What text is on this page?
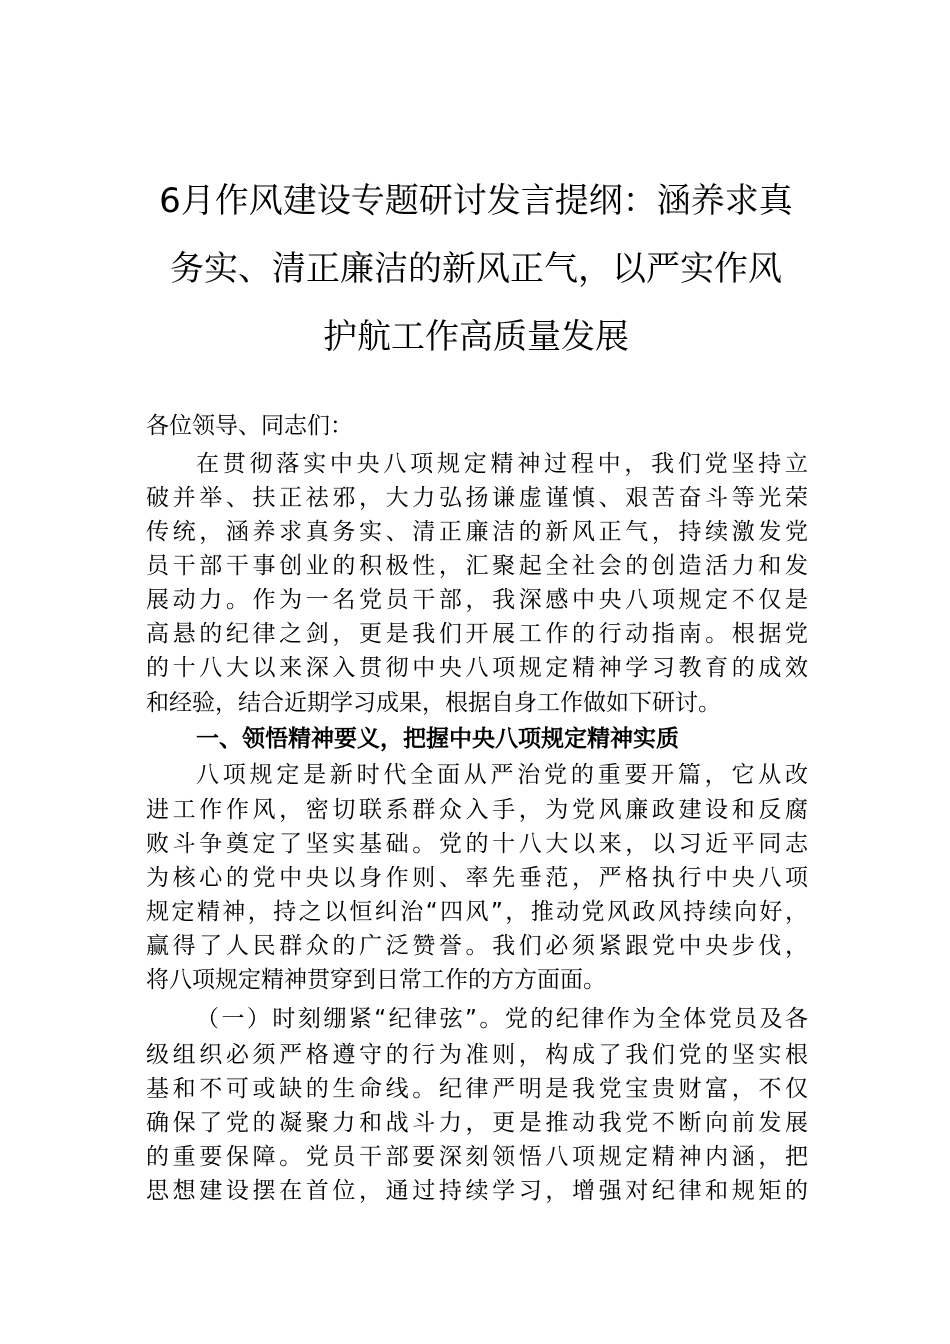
6月作风建设专题研讨发言提纲：涵养求真
务实、清正廉洁的新风正气，以严实作风
护航工作高质量发展
各位领导、同志们：
在贯彻落实中央八项规定精神过程中，我们党坚持立
破并举、扶正祛邪，大力弘扬谦虚谨慎、艰苦奋斗等光荣
传统，涵养求真务实、清正廉洁的新风正气，持续激发党
员干部干事创业的积极性，汇聚起全社会的创造活力和发
展动力。作为一名党员干部，我深感中央八项规定不仅是
高悬的纪律之剑，更是我们开展工作的行动指南。根据党
的十八大以来深入贯彻中央八项规定精神学习教育的成效
和经验，结合近期学习成果，根据自身工作做如下研讨。
一、领悟精神要义，把握中央八项规定精神实质
八项规定是新时代全面从严治党的重要开篇，它从改
进工作作风，密切联系群众入手，为党风廉政建设和反腐
败斗争奠定了坚实基础。党的十八大以来，以习近平同志
为核心的党中央以身作则、率先垂范，严格执行中央八项
规定精神，持之以恒纠治“四风”，推动党风政风持续向好，
赢得了人民群众的广泛赞誉。我们必须紧跟党中央步伐，
将八项规定精神贯穿到日常工作的方方面面。
（一）时刻绷紧“纪律弦”。党的纪律作为全体党员及各
级组织必须严格遵守的行为准则，构成了我们党的坚实根
基和不可或缺的生命线。纪律严明是我党宝贵财富，不仅
确保了党的凝聚力和战斗力，更是推动我党不断向前发展
的重要保障。党员干部要深刻领悟八项规定精神内涵，把
思想建设摆在首位，通过持续学习，增强对纪律和规矩的
